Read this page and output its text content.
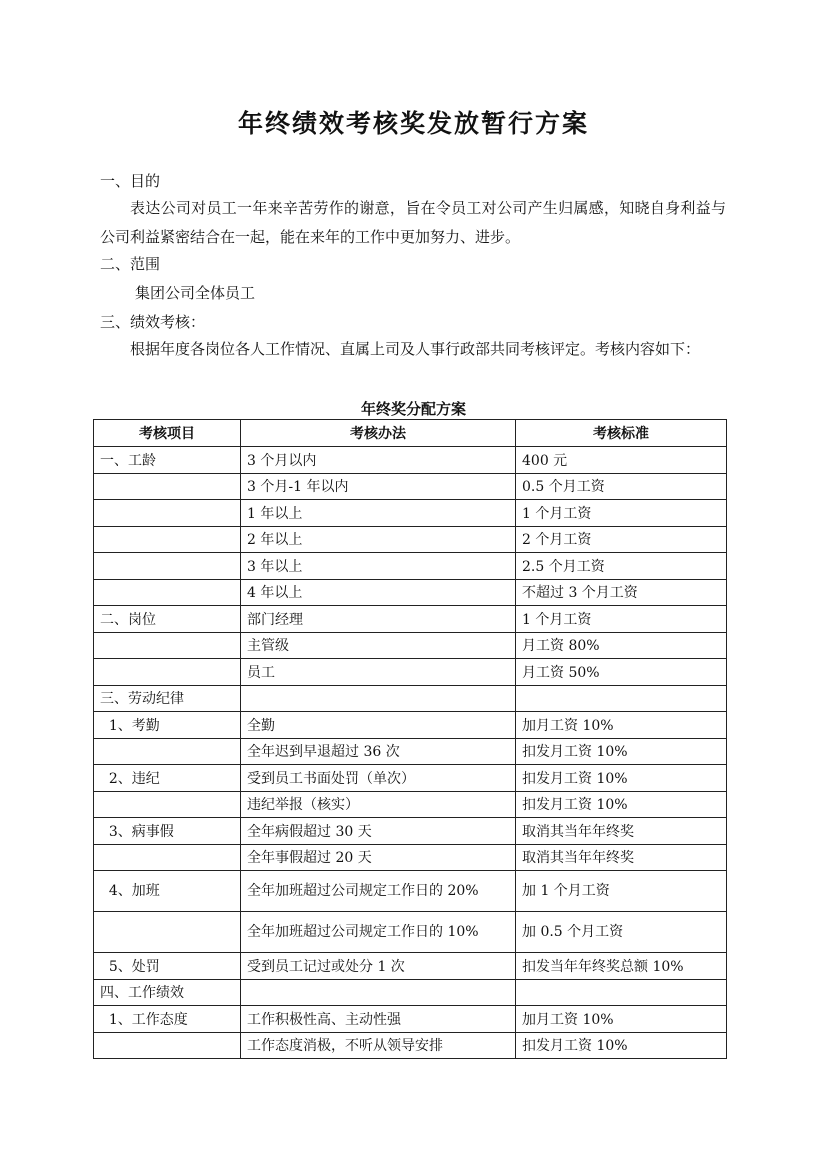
年终绩效考核奖发放暂行方案

一、目的

表达公司对员工一年来辛苦劳作的谢意，旨在令员工对公司产生归属感，知晓自身利益与公司利益紧密结合在一起，能在来年的工作中更加努力、进步。

二、范围

集团公司全体员工

三、绩效考核：

根据年度各岗位各人工作情况、直属上司及人事行政部共同考核评定。考核内容如下：

年终奖分配方案

考核项目	考核办法	考核标准
一、工龄	3 个月以内	400 元
	3 个月-1 年以内	0.5 个月工资
	1 年以上	1 个月工资
	2 年以上	2 个月工资
	3 年以上	2.5 个月工资
	4 年以上	不超过 3 个月工资
二、岗位	部门经理	1 个月工资
	主管级	月工资 80%
	员工	月工资 50%
三、劳动纪律		
1、考勤	全勤	加月工资 10%
	全年迟到早退超过 36 次	扣发月工资 10%
2、违纪	受到员工书面处罚（单次）	扣发月工资 10%
	违纪举报（核实）	扣发月工资 10%
3、病事假	全年病假超过 30 天	取消其当年年终奖
	全年事假超过 20 天	取消其当年年终奖
4、加班	全年加班超过公司规定工作日的 20%	加 1 个月工资
	全年加班超过公司规定工作日的 10%	加 0.5 个月工资
5、处罚	受到员工记过或处分 1 次	扣发当年年终奖总额 10%
四、工作绩效		
1、工作态度	工作积极性高、主动性强	加月工资 10%
	工作态度消极，不听从领导安排	扣发月工资 10%
